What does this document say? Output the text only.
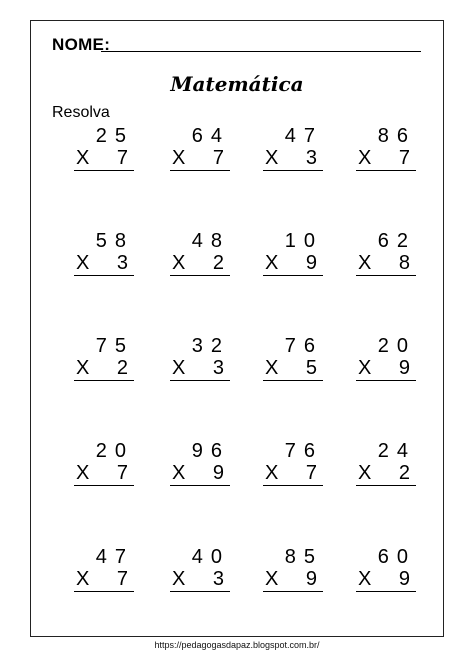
NOME:
Matemática
Resolva
25
X 7
64
X 7
47
X 3
86
X 7
58
X 3
48
X 2
10
X 9
62
X 8
75
X 2
32
X 3
76
X 5
20
X 9
20
X 7
96
X 9
76
X 7
24
X 2
47
X 7
40
X 3
85
X 9
60
X 9
https://pedagogasdapaz.blogspot.com.br/
